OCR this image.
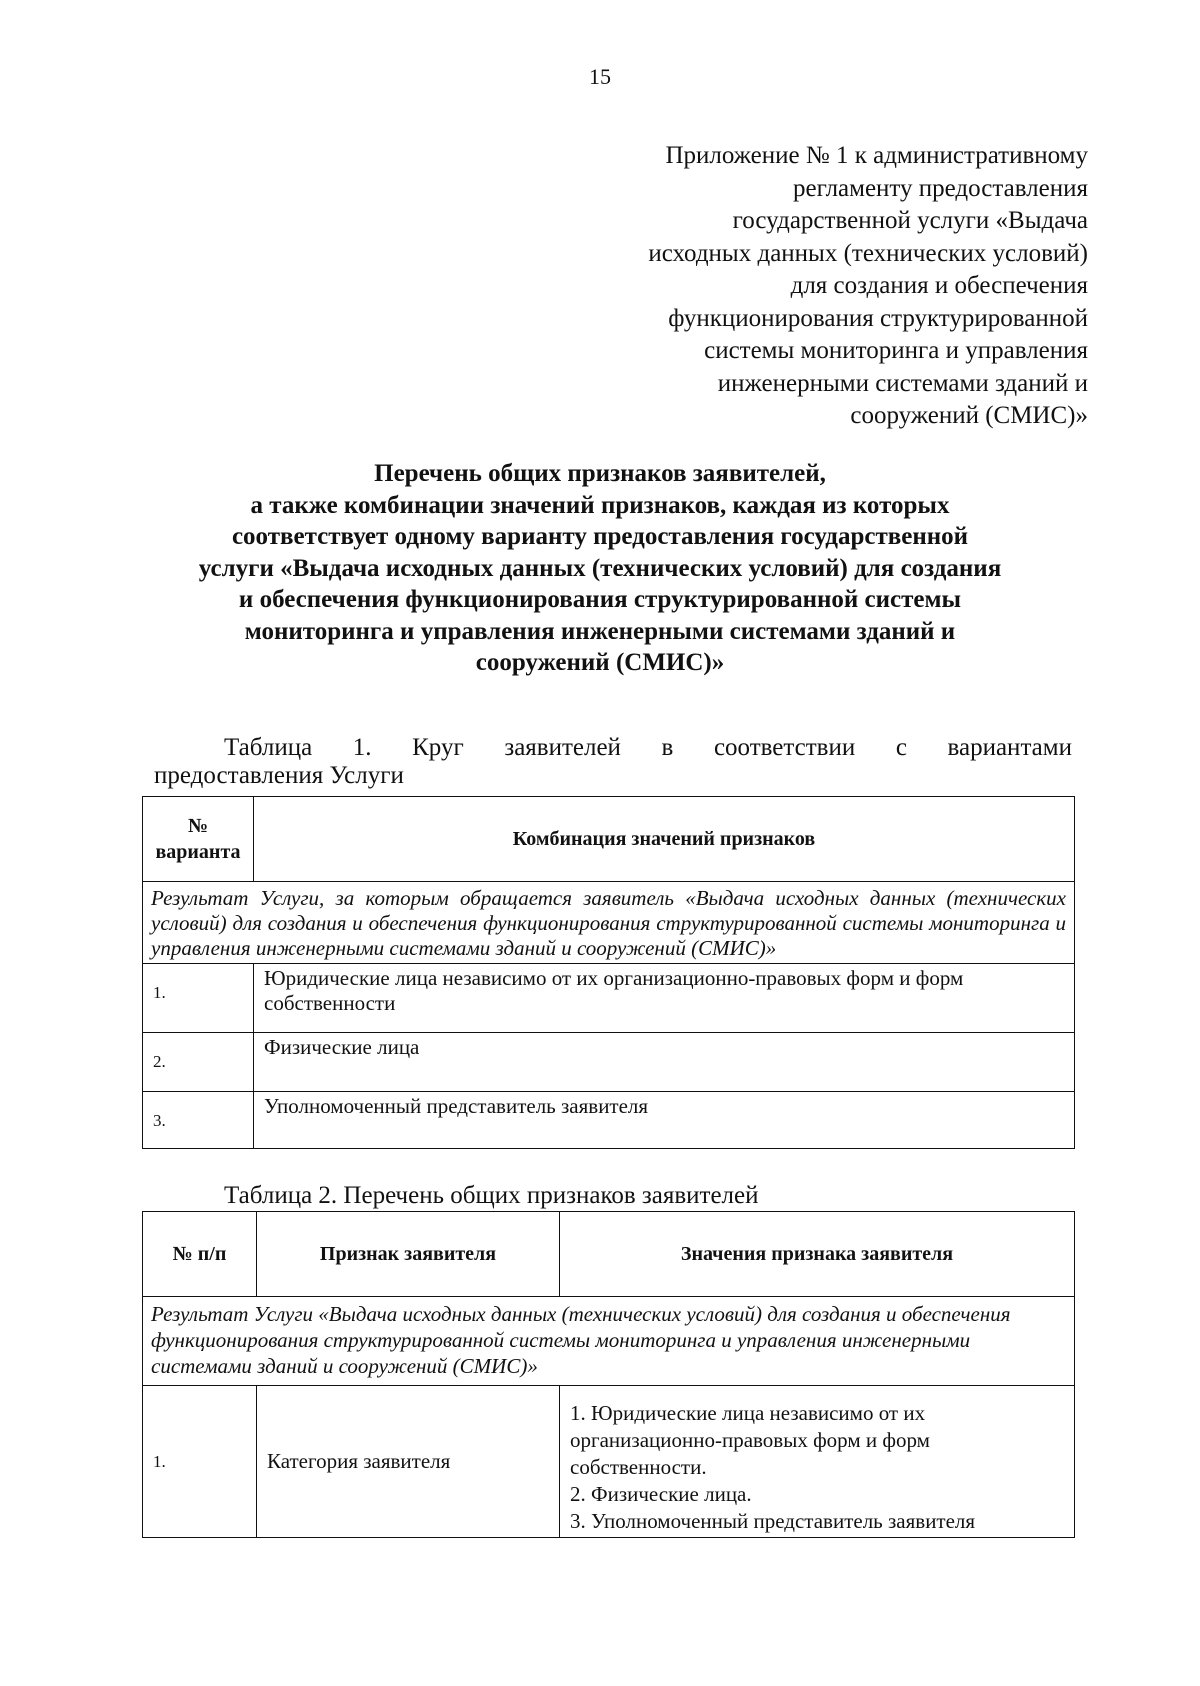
15
Приложение № 1 к административному
регламенту предоставления
государственной услуги «Выдача
исходных данных (технических условий)
для создания и обеспечения
функционирования структурированной
системы мониторинга и управления
инженерными системами зданий и
сооружений (СМИС)»
Перечень общих признаков заявителей,
а также комбинации значений признаков, каждая из которых
соответствует одному варианту предоставления государственной
услуги «Выдача исходных данных (технических условий) для создания
и обеспечения функционирования структурированной системы
мониторинга и управления инженерными системами зданий и
сооружений (СМИС)»
Таблица 1. Круг заявителей в соответствии с вариантами
предоставления Услуги
№ варианта	Комбинация значений признаков
Результат Услуги, за которым обращается заявитель «Выдача исходных данных (технических условий) для создания и обеспечения функционирования структурированной системы мониторинга и управления инженерными системами зданий и сооружений (СМИС)»	
1.	Юридические лица независимо от их организационно-правовых форм и форм собственности
2.	Физические лица
3.	Уполномоченный представитель заявителя
Таблица 2. Перечень общих признаков заявителей
№ п/п	Признак заявителя	Значения признака заявителя
Результат Услуги «Выдача исходных данных (технических условий) для создания и обеспечения функционирования структурированной системы мониторинга и управления инженерными системами зданий и сооружений (СМИС)»		
1.	Категория заявителя	1. Юридические лица независимо от их организационно-правовых форм и форм собственности.
2. Физические лица.
3. Уполномоченный представитель заявителя
